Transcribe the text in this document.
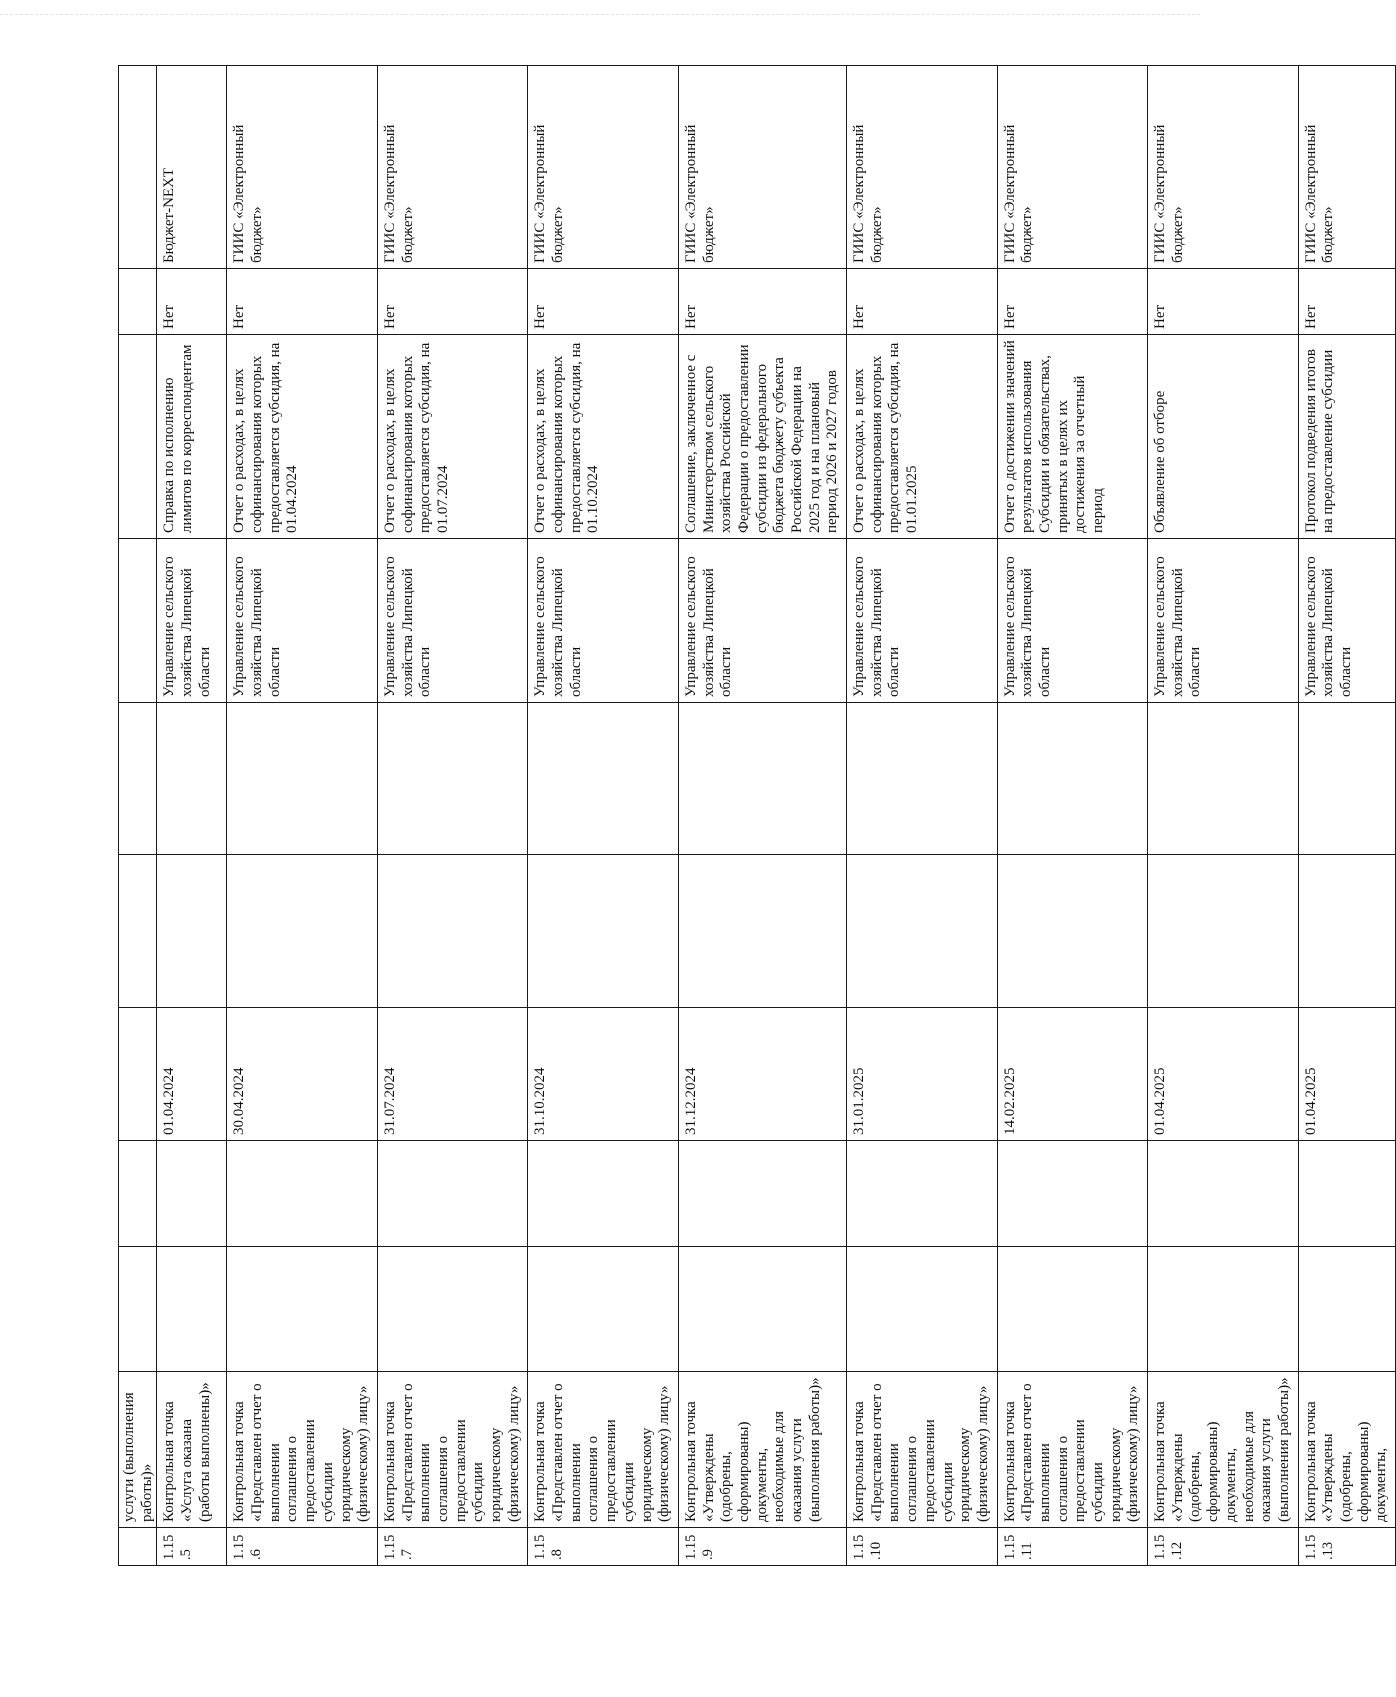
	услуги (выполнения работы)»									
1.15.5	Контрольная точка «Услуга оказана (работы выполнены)»			01.04.2024			Управление сельского хозяйства Липецкой области	Справка по исполнению лимитов по корреспондентам	Нет	Бюджет-NEXT
1.15.6	Контрольная точка «Представлен отчет о выполнении соглашения о предоставлении субсидии юридическому (физическому) лицу»			30.04.2024			Управление сельского хозяйства Липецкой области	Отчет о расходах, в целях софинансирования которых предоставляется субсидия, на 01.04.2024	Нет	ГИИС «Электронный бюджет»
1.15.7	Контрольная точка «Представлен отчет о выполнении соглашения о предоставлении субсидии юридическому (физическому) лицу»			31.07.2024			Управление сельского хозяйства Липецкой области	Отчет о расходах, в целях софинансирования которых предоставляется субсидия, на 01.07.2024	Нет	ГИИС «Электронный бюджет»
1.15.8	Контрольная точка «Представлен отчет о выполнении соглашения о предоставлении субсидии юридическому (физическому) лицу»			31.10.2024			Управление сельского хозяйства Липецкой области	Отчет о расходах, в целях софинансирования которых предоставляется субсидия, на 01.10.2024	Нет	ГИИС «Электронный бюджет»
1.15.9	Контрольная точка «Утверждены (одобрены, сформированы) документы, необходимые для оказания услуги (выполнения работы)»			31.12.2024			Управление сельского хозяйства Липецкой области	Соглашение, заключенное с Министерством сельского хозяйства Российской Федерации о предоставлении субсидии из федерального бюджета бюджету субъекта Российской Федерации на 2025 год и на плановый период 2026 и 2027 годов	Нет	ГИИС «Электронный бюджет»
1.15.10	Контрольная точка «Представлен отчет о выполнении соглашения о предоставлении субсидии юридическому (физическому) лицу»			31.01.2025			Управление сельского хозяйства Липецкой области	Отчет о расходах, в целях софинансирования которых предоставляется субсидия, на 01.01.2025	Нет	ГИИС «Электронный бюджет»
1.15.11	Контрольная точка «Представлен отчет о выполнении соглашения о предоставлении субсидии юридическому (физическому) лицу»			14.02.2025			Управление сельского хозяйства Липецкой области	Отчет о достижении значений результатов использования Субсидии и обязательствах, принятых в целях их достижения за отчетный период	Нет	ГИИС «Электронный бюджет»
1.15.12	Контрольная точка «Утверждены (одобрены, сформированы) документы, необходимые для оказания услуги (выполнения работы)»			01.04.2025			Управление сельского хозяйства Липецкой области	Объявление об отборе	Нет	ГИИС «Электронный бюджет»
1.15.13	Контрольная точка «Утверждены (одобрены, сформированы) документы,			01.04.2025			Управление сельского хозяйства Липецкой области	Протокол подведения итогов на предоставление субсидии	Нет	ГИИС «Электронный бюджет»
